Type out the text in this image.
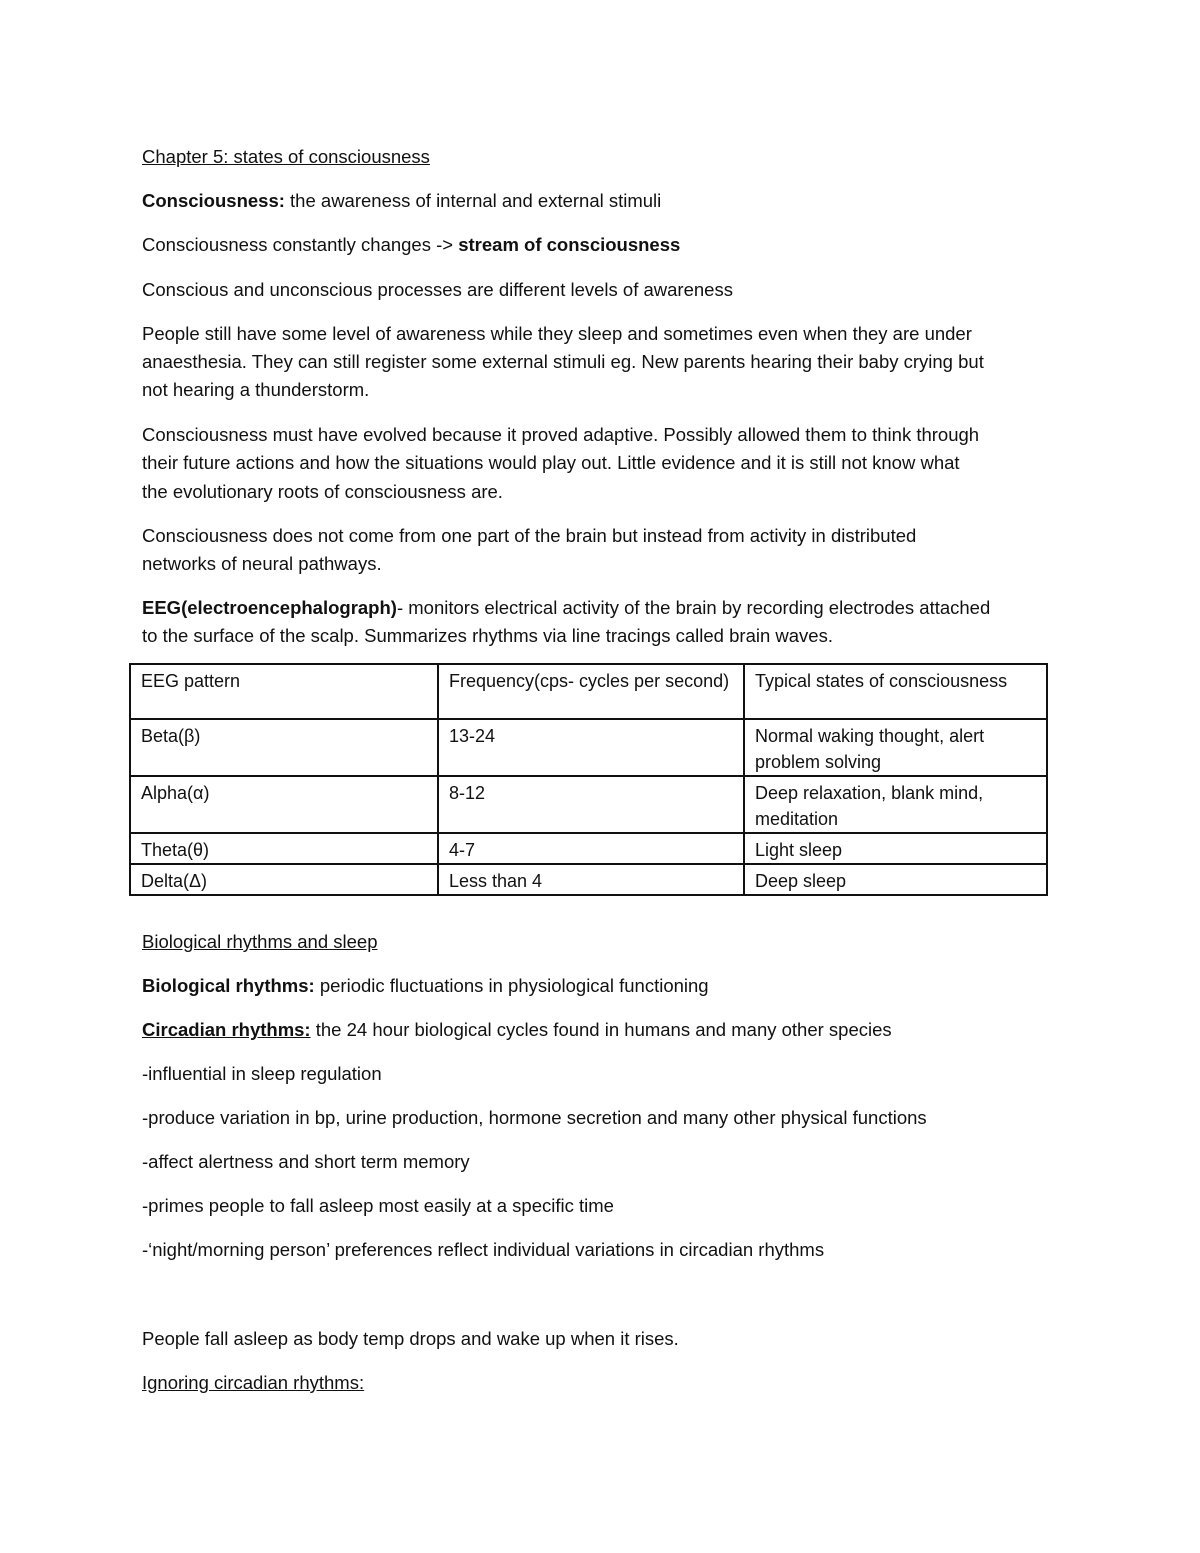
Chapter 5: states of consciousness
Consciousness: the awareness of internal and external stimuli
Consciousness constantly changes -> stream of consciousness
Conscious and unconscious processes are different levels of awareness
People still have some level of awareness while they sleep and sometimes even when they are under
anaesthesia. They can still register some external stimuli eg. New parents hearing their baby crying but
not hearing a thunderstorm.
Consciousness must have evolved because it proved adaptive. Possibly allowed them to think through
their future actions and how the situations would play out. Little evidence and it is still not know what
the evolutionary roots of consciousness are.
Consciousness does not come from one part of the brain but instead from activity in distributed
networks of neural pathways.
EEG(electroencephalograph)- monitors electrical activity of the brain by recording electrodes attached
to the surface of the scalp. Summarizes rhythms via line tracings called brain waves.
EEG pattern	Frequency(cps- cycles per second)	Typical states of consciousness
Beta(β)	13-24	Normal waking thought, alert problem solving
Alpha(α)	8-12	Deep relaxation, blank mind, meditation
Theta(θ)	4-7	Light sleep
Delta(Δ)	Less than 4	Deep sleep
Biological rhythms and sleep
Biological rhythms: periodic fluctuations in physiological functioning
Circadian rhythms: the 24 hour biological cycles found in humans and many other species
-influential in sleep regulation
-produce variation in bp, urine production, hormone secretion and many other physical functions
-affect alertness and short term memory
-primes people to fall asleep most easily at a specific time
-‘night/morning person’ preferences reflect individual variations in circadian rhythms
People fall asleep as body temp drops and wake up when it rises.
Ignoring circadian rhythms:
